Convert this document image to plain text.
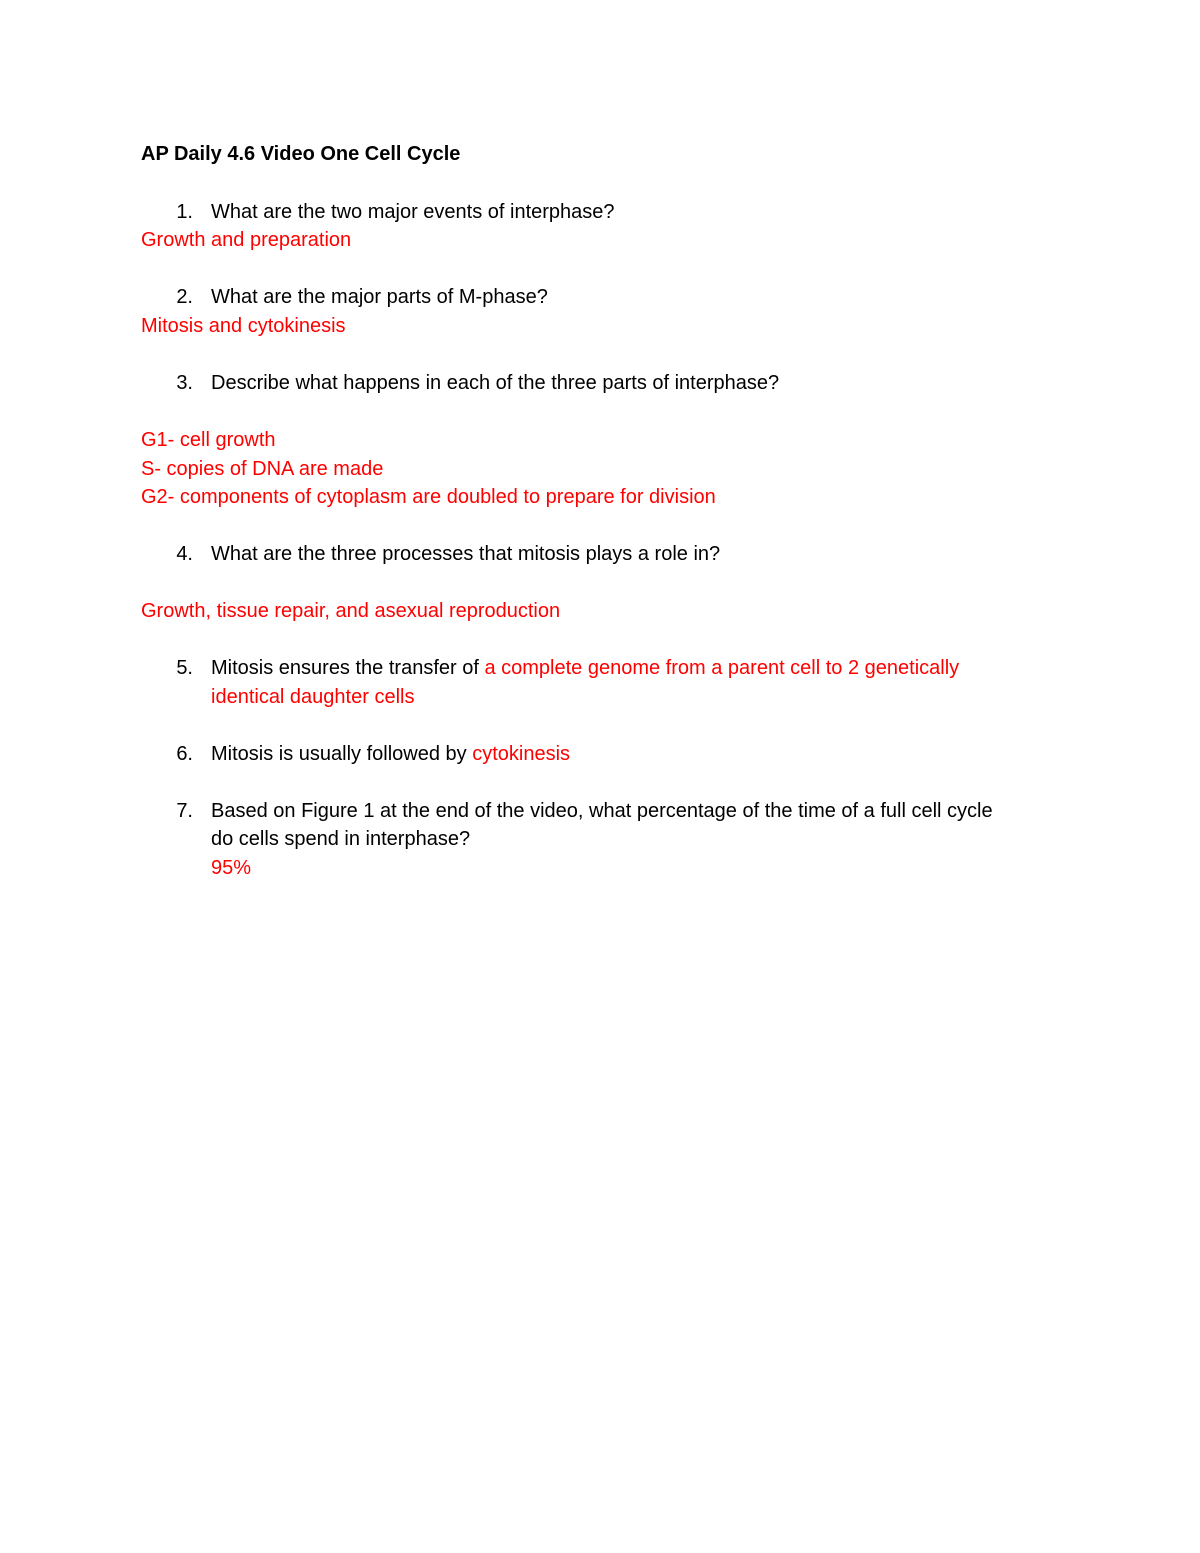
AP Daily 4.6 Video One Cell Cycle
1. What are the two major events of interphase?
Growth and preparation
2. What are the major parts of M-phase?
Mitosis and cytokinesis
3. Describe what happens in each of the three parts of interphase?
G1- cell growth
S- copies of DNA are made
G2- components of cytoplasm are doubled to prepare for division
4. What are the three processes that mitosis plays a role in?
Growth, tissue repair, and asexual reproduction
5. Mitosis ensures the transfer of a complete genome from a parent cell to 2 genetically
identical daughter cells
6. Mitosis is usually followed by cytokinesis
7. Based on Figure 1 at the end of the video, what percentage of the time of a full cell cycle
do cells spend in interphase?
95%
